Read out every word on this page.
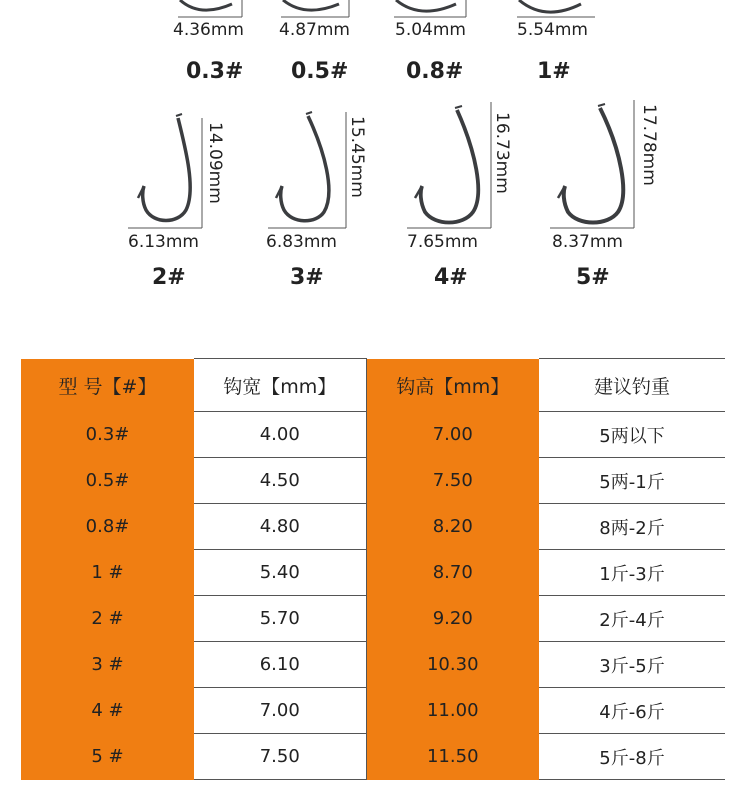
4.36mm 4.87mm	5.04mm	5.54mm
0.3# 0.5#	0.8#	1#
14.09mm	15.45mm	16.73mm	17.78mm
6.13mm	6.83mm	7.65mm	8.37mm
2#	3#	4#	5#
型 号【#】	钩宽【mm】	钩高【mm】	建议钓重
0.3#	4.00	7.00	5两以下
0.5#	4.50	7.50	5两-1斤
0.8#	4.80	8.20	8两-2斤
1 #	5.40	8.70	1斤-3斤
2 #	5.70	9.20	2斤-4斤
3 #	6.10	10.30	3斤-5斤
4 #	7.00	11.00	4斤-6斤
5 #	7.50	11.50	5斤-8斤
